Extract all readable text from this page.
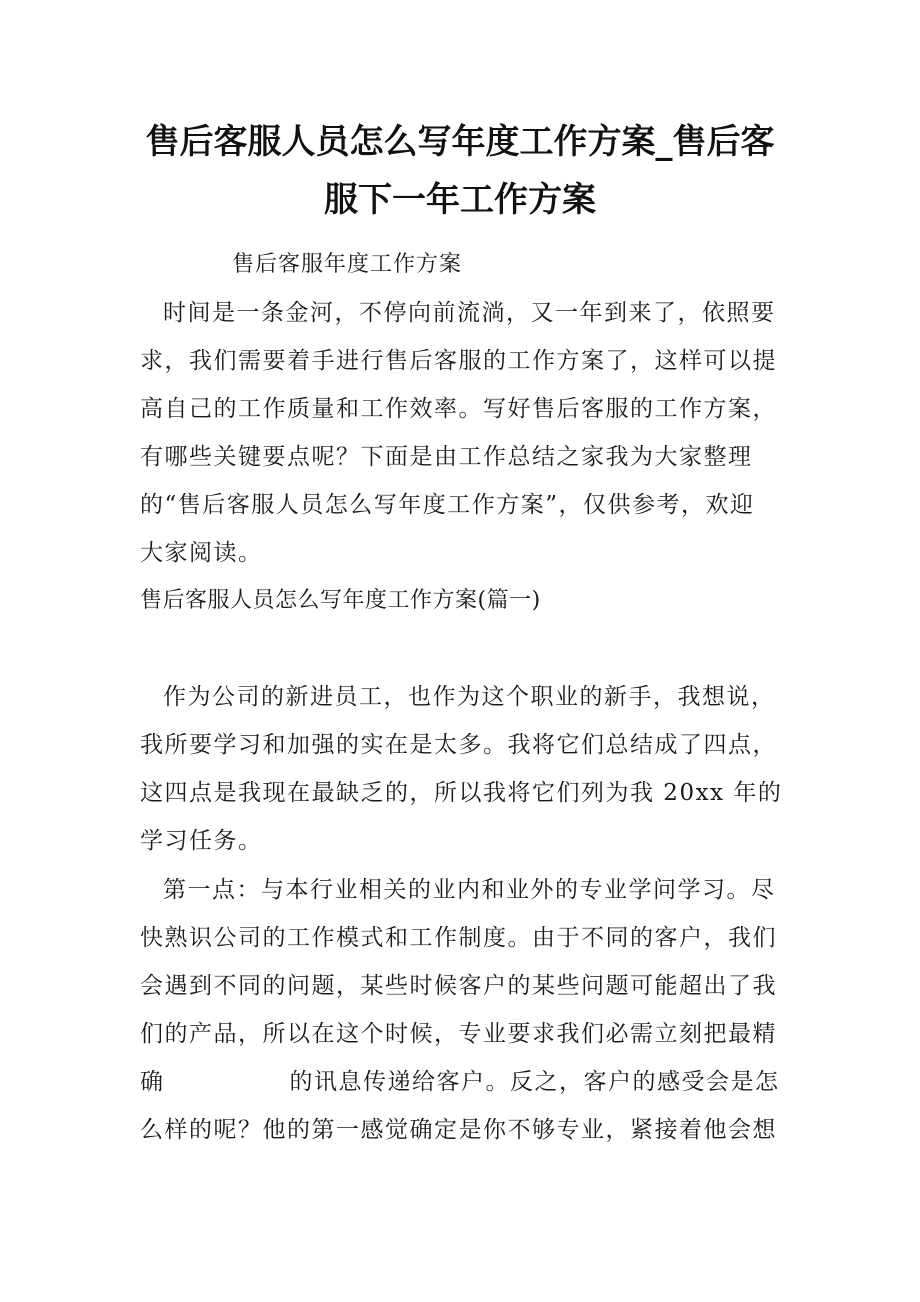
售后客服人员怎么写年度工作方案_售后客
服下一年工作方案

售后客服年度工作方案

时间是一条金河，不停向前流淌，又一年到来了，依照要

求，我们需要着手进行售后客服的工作方案了，这样可以提

高自己的工作质量和工作效率。写好售后客服的工作方案，

有哪些关键要点呢？下面是由工作总结之家我为大家整理

的“售后客服人员怎么写年度工作方案”，仅供参考，欢迎

大家阅读。

售后客服人员怎么写年度工作方案(篇一)

作为公司的新进员工，也作为这个职业的新手，我想说，

我所要学习和加强的实在是太多。我将它们总结成了四点，

这四点是我现在最缺乏的，所以我将它们列为我 20xx 年的

学习任务。

第一点：与本行业相关的业内和业外的专业学问学习。尽

快熟识公司的工作模式和工作制度。由于不同的客户，我们

会遇到不同的问题，某些时候客户的某些问题可能超出了我

们的产品，所以在这个时候，专业要求我们必需立刻把最精

确	的讯息传递给客户。反之，客户的感受会是怎

么样的呢？他的第一感觉确定是你不够专业，紧接着他会想
